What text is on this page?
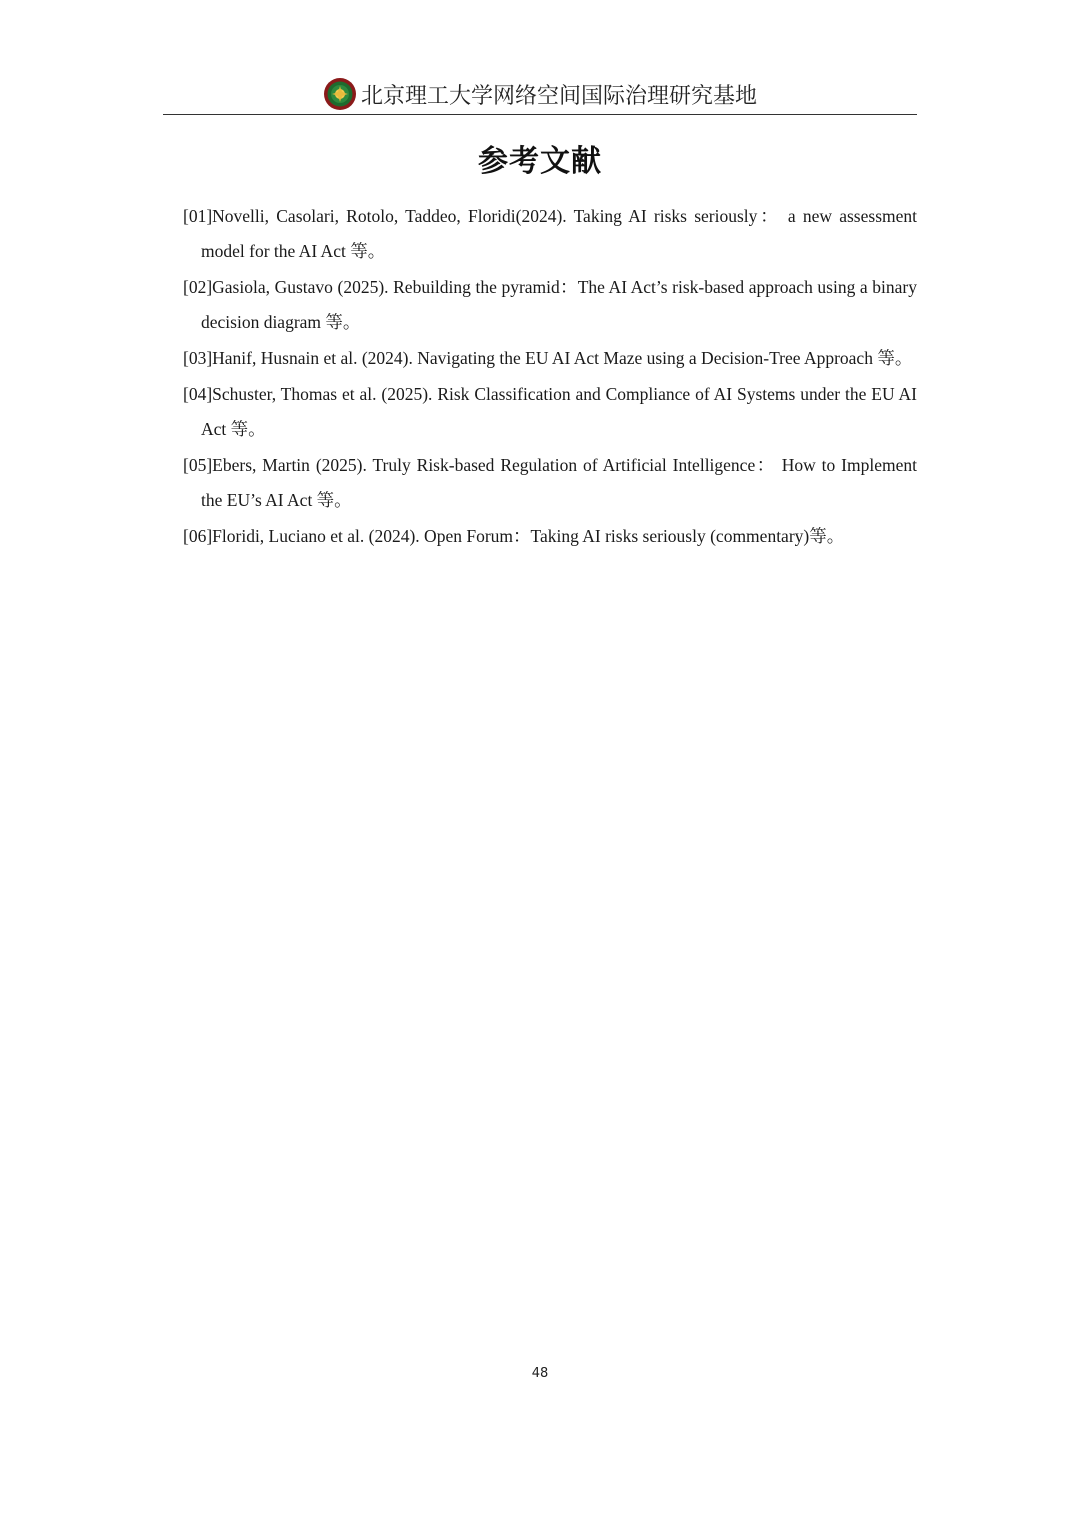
北京理工大学网络空间国际治理研究基地
参考文献
[01]Novelli, Casolari, Rotolo, Taddeo, Floridi(2024). Taking AI risks seriously： a new assessment model for the AI Act 等。
[02]Gasiola, Gustavo (2025). Rebuilding the pyramid：The AI Act’s risk-based approach using a binary decision diagram 等。
[03]Hanif, Husnain et al. (2024). Navigating the EU AI Act Maze using a Decision-Tree Approach 等。
[04]Schuster, Thomas et al. (2025). Risk Classification and Compliance of AI Systems under the EU AI Act 等。
[05]Ebers, Martin (2025). Truly Risk-based Regulation of Artificial Intelligence： How to Implement the EU’s AI Act 等。
[06]Floridi, Luciano et al. (2024). Open Forum：Taking AI risks seriously (commentary)等。
48
